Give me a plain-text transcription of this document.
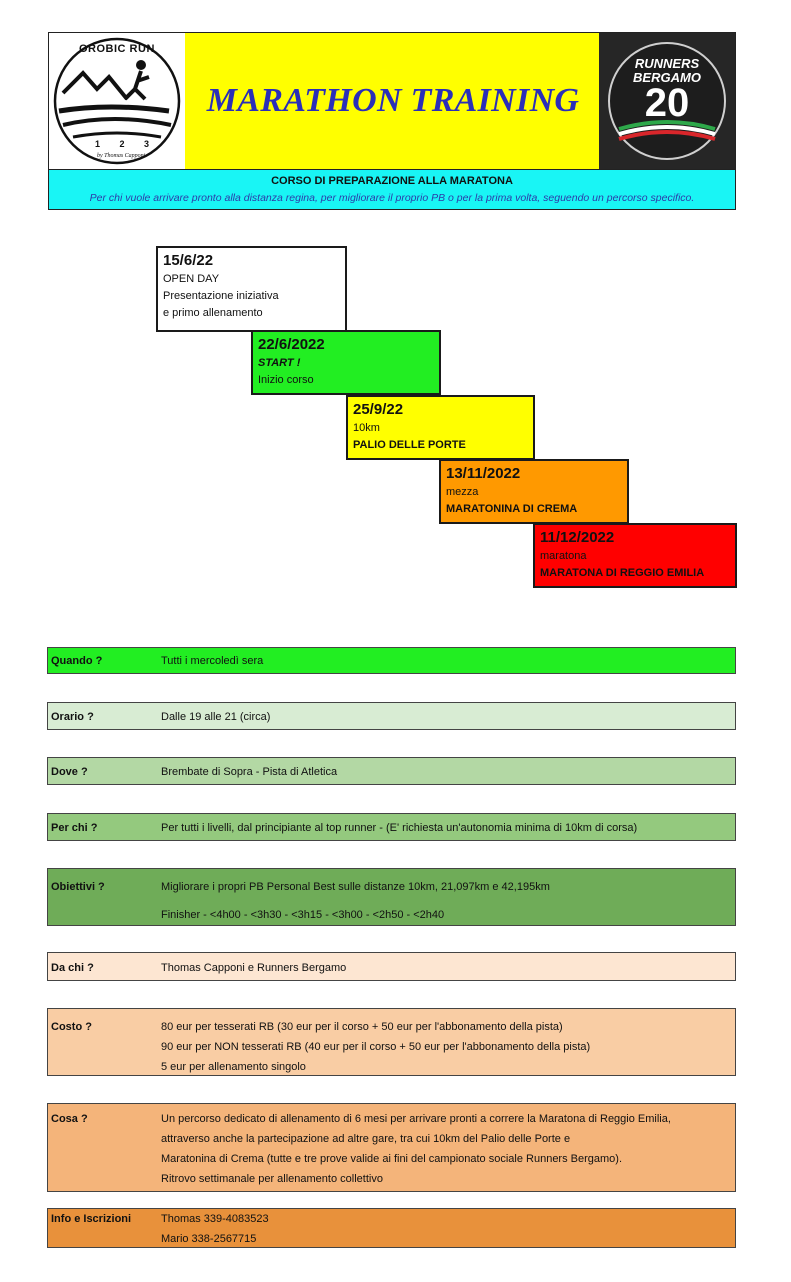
OROBIC RUN
1 2 3
by Thomas Capponi
MARATHON TRAINING
RUNNERS
BERGAMO
20
CORSO DI PREPARAZIONE ALLA MARATONA
Per chi vuole arrivare pronto alla distanza regina, per migliorare il proprio PB o per la prima volta, seguendo un percorso specifico.
15/6/22
OPEN DAY
Presentazione iniziativa
e primo allenamento
22/6/2022
START !
Inizio corso
25/9/22
10km
PALIO DELLE PORTE
13/11/2022
mezza
MARATONINA DI CREMA
11/12/2022
maratona
MARATONA DI REGGIO EMILIA
Quando ?	Tutti i mercoledì sera
Orario ?	Dalle 19 alle 21 (circa)
Dove ?	Brembate di Sopra - Pista di Atletica
Per chi ?	Per tutti i livelli, dal principiante al top runner - (E' richiesta un'autonomia minima di 10km di corsa)
Obiettivi ?	Migliorare i propri PB Personal Best sulle distanze 10km, 21,097km e 42,195km
Finisher - <4h00 - <3h30 - <3h15 - <3h00 - <2h50 - <2h40
Da chi ?	Thomas Capponi e Runners Bergamo
Costo ?	80 eur per tesserati RB (30 eur per il corso + 50 eur per l'abbonamento della pista)
90 eur per NON tesserati RB (40 eur per il corso + 50 eur per l'abbonamento della pista)
5 eur per allenamento singolo
Cosa ?	Un percorso dedicato di allenamento di 6 mesi per arrivare pronti a correre la Maratona di Reggio Emilia,
attraverso anche la partecipazione ad altre gare, tra cui 10km del Palio delle Porte e
Maratonina di Crema (tutte e tre prove valide ai fini del campionato sociale Runners Bergamo).
Ritrovo settimanale per allenamento collettivo
Info e Iscrizioni	Thomas 339-4083523
Mario 338-2567715
